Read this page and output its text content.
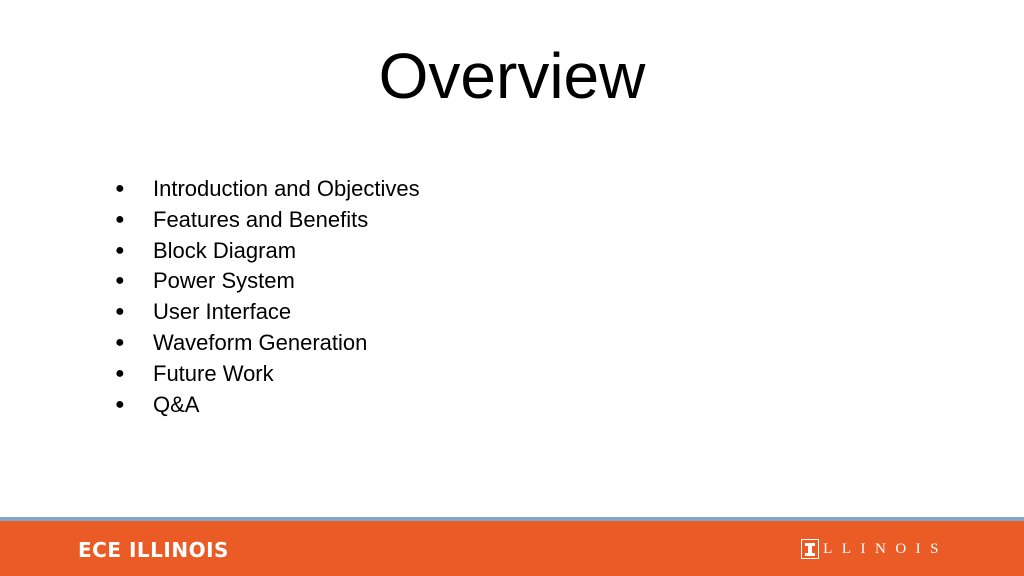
Overview
● Introduction and Objectives
● Features and Benefits
● Block Diagram
● Power System
● User Interface
● Waveform Generation
● Future Work
● Q&A
ECE ILLINOIS	LLINOIS
